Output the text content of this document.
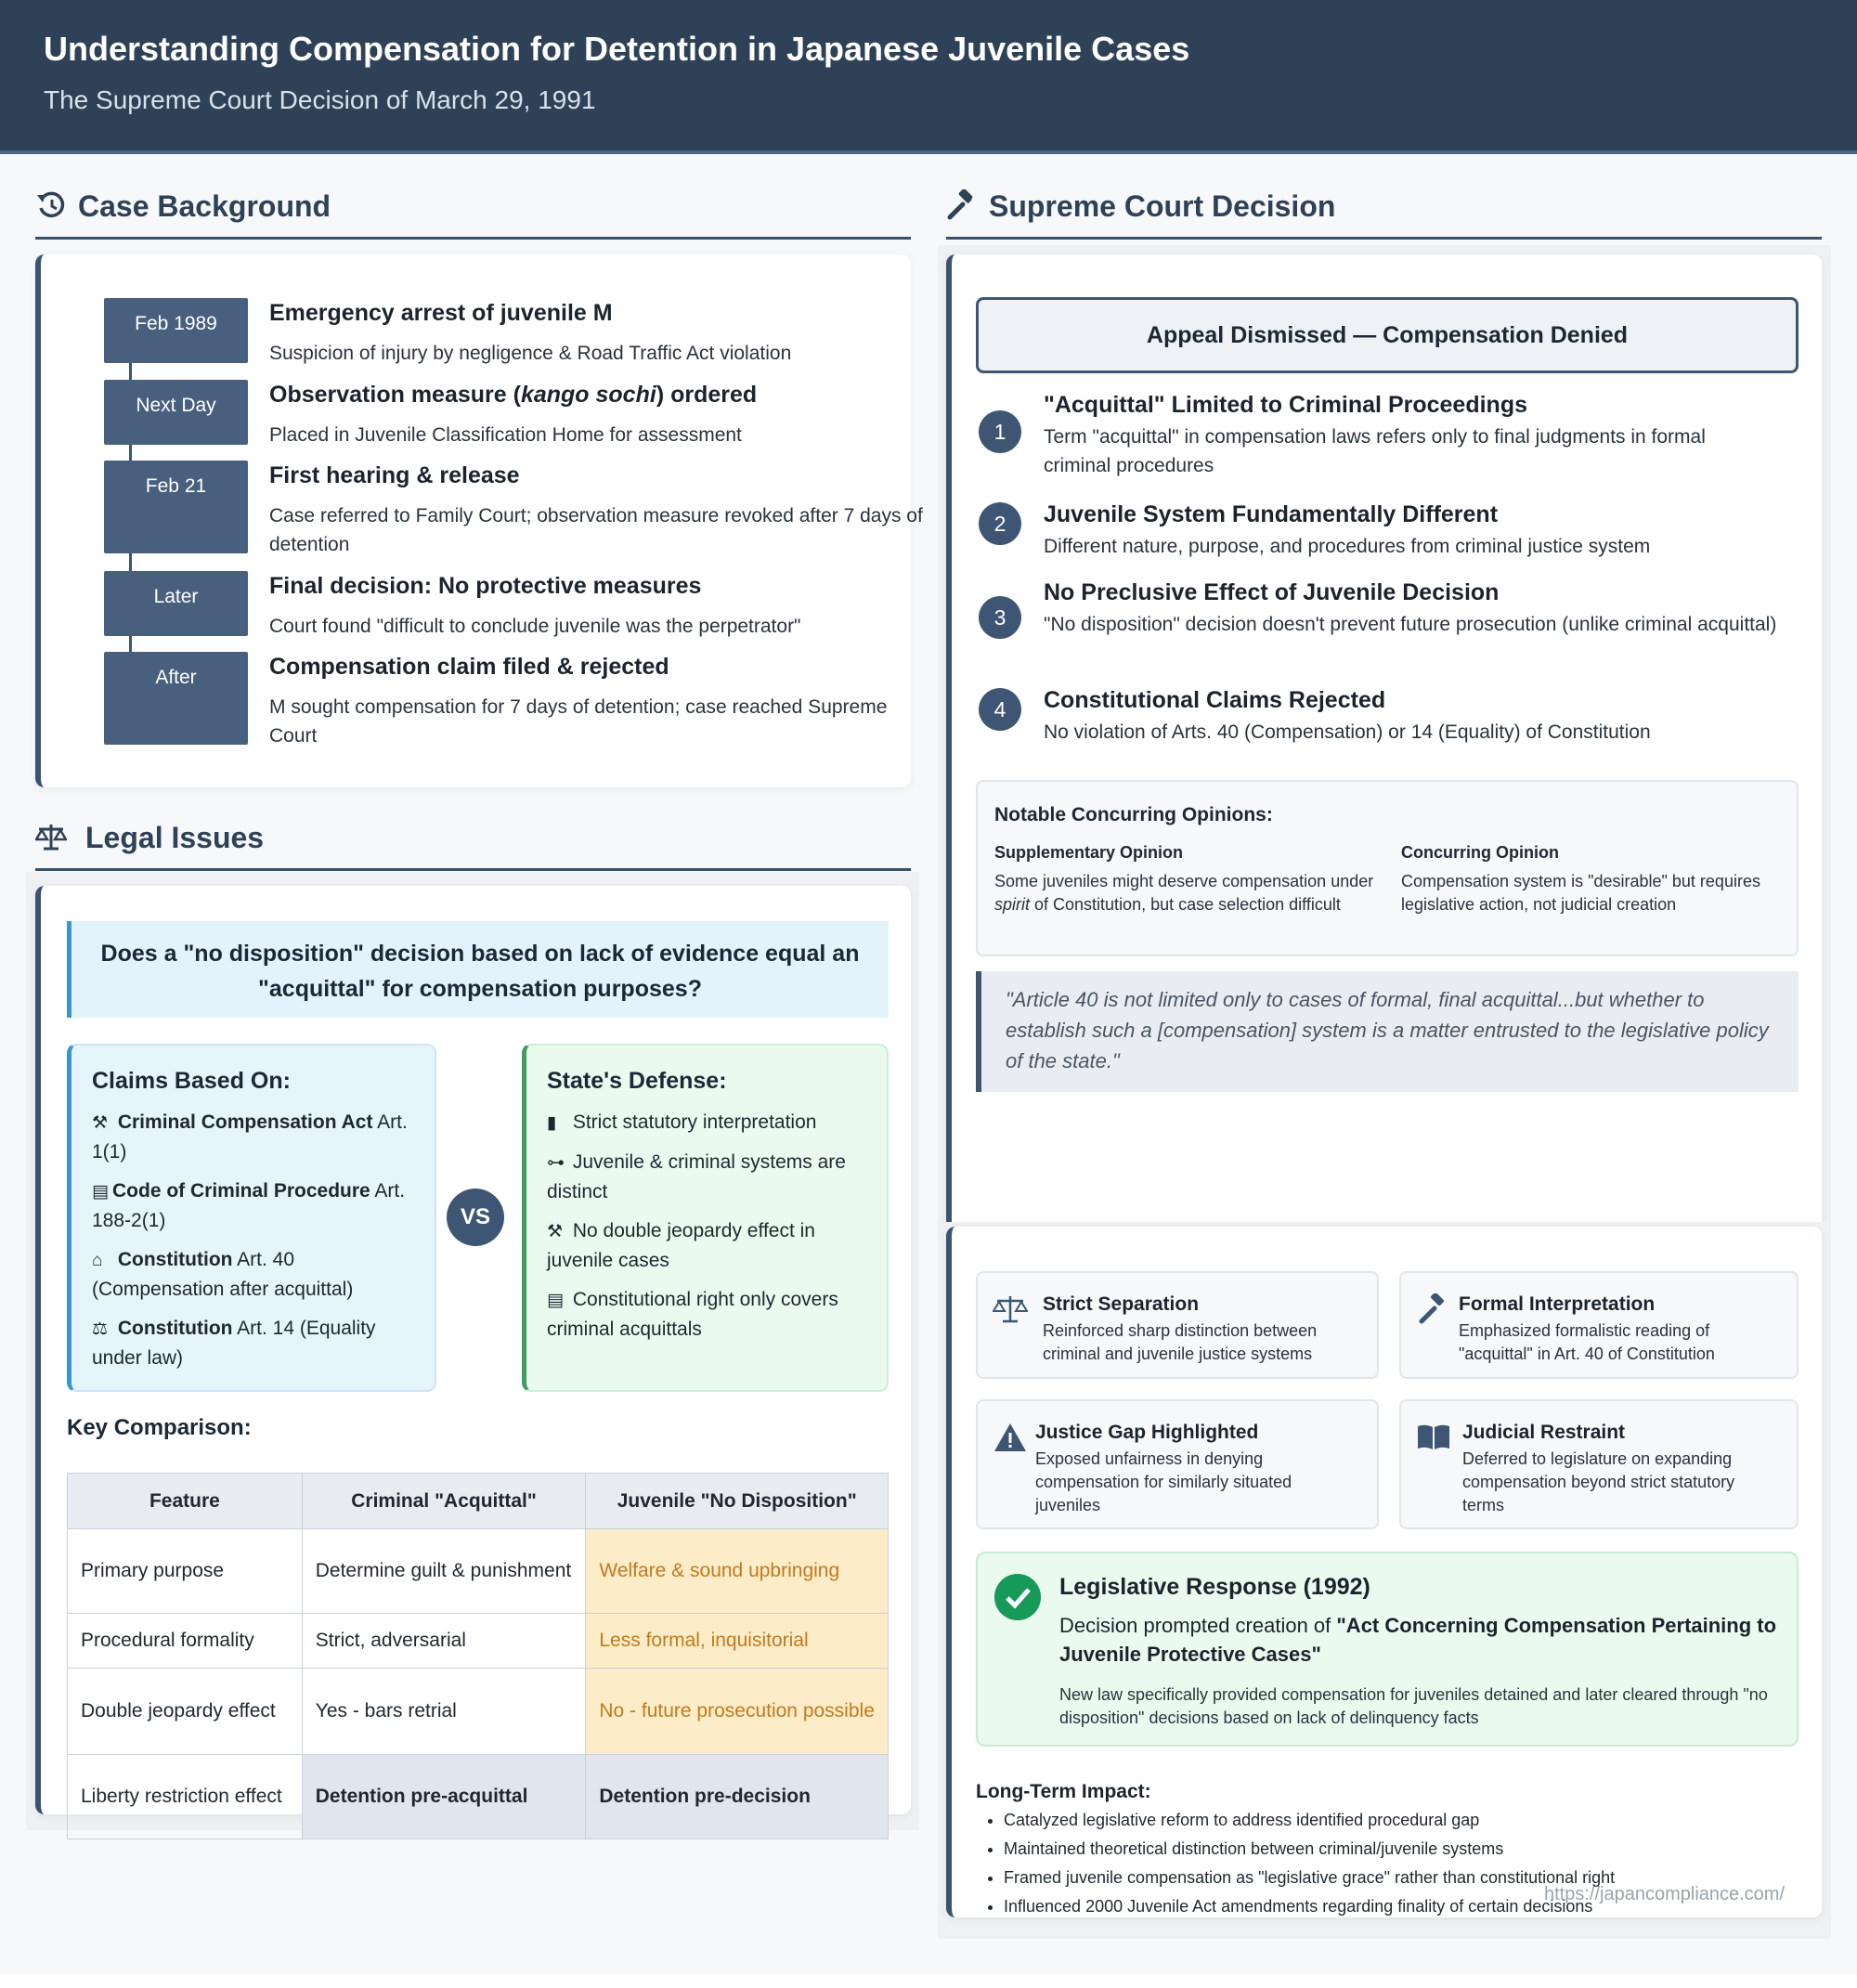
Understanding Compensation for Detention in Japanese Juvenile Cases
The Supreme Court Decision of March 29, 1991
Case Background
Feb 1989	Emergency arrest of juvenile M
Suspicion of injury by negligence & Road Traffic Act violation
Next Day	Observation measure (kango sochi) ordered
Placed in Juvenile Classification Home for assessment
Feb 21	First hearing & release
Case referred to Family Court; observation measure revoked after 7 days of detention
Later	Final decision: No protective measures
Court found "difficult to conclude juvenile was the perpetrator"
After	Compensation claim filed & rejected
M sought compensation for 7 days of detention; case reached Supreme Court
Legal Issues
Does a "no disposition" decision based on lack of evidence equal an "acquittal" for compensation purposes?
Claims Based On:
⚒ Criminal Compensation Act Art. 1(1)
▤ Code of Criminal Procedure Art. 188-2(1)
⌂ Constitution Art. 40 (Compensation after acquittal)
⚖ Constitution Art. 14 (Equality under law)
VS
State's Defense:
▮ Strict statutory interpretation
⊶ Juvenile & criminal systems are distinct
⚒ No double jeopardy effect in juvenile cases
▤ Constitutional right only covers criminal acquittals
Key Comparison:
Feature	Criminal "Acquittal"	Juvenile "No Disposition"
Primary purpose	Determine guilt & punishment	Welfare & sound upbringing
Procedural formality	Strict, adversarial	Less formal, inquisitorial
Double jeopardy effect	Yes - bars retrial	No - future prosecution possible
Liberty restriction effect	Detention pre-acquittal	Detention pre-decision
Supreme Court Decision
Appeal Dismissed — Compensation Denied
1
"Acquittal" Limited to Criminal Proceedings
Term "acquittal" in compensation laws refers only to final judgments in formal criminal procedures
2	Juvenile System Fundamentally Different
Different nature, purpose, and procedures from criminal justice system
3
No Preclusive Effect of Juvenile Decision
"No disposition" decision doesn't prevent future prosecution (unlike criminal acquittal)
4	Constitutional Claims Rejected
No violation of Arts. 40 (Compensation) or 14 (Equality) of Constitution
Notable Concurring Opinions:
Supplementary Opinion
Some juveniles might deserve compensation under spirit of Constitution, but case selection difficult
Concurring Opinion
Compensation system is "desirable" but requires legislative action, not judicial creation
"Article 40 is not limited only to cases of formal, final acquittal...but whether to establish such a [compensation] system is a matter entrusted to the legislative policy of the state."
Strict Separation
Reinforced sharp distinction between criminal and juvenile justice systems
Formal Interpretation
Emphasized formalistic reading of "acquittal" in Art. 40 of Constitution
Justice Gap Highlighted
Exposed unfairness in denying compensation for similarly situated juveniles
Judicial Restraint
Deferred to legislature on expanding compensation beyond strict statutory terms
Legislative Response (1992)
Decision prompted creation of "Act Concerning Compensation Pertaining to Juvenile Protective Cases"
New law specifically provided compensation for juveniles detained and later cleared through "no disposition" decisions based on lack of delinquency facts
Long-Term Impact:
• Catalyzed legislative reform to address identified procedural gap
• Maintained theoretical distinction between criminal/juvenile systems
• Framed juvenile compensation as "legislative grace" rather than constitutional right
• Influenced 2000 Juvenile Act amendments regarding finality of certain decisions
https://japancompliance.com/
